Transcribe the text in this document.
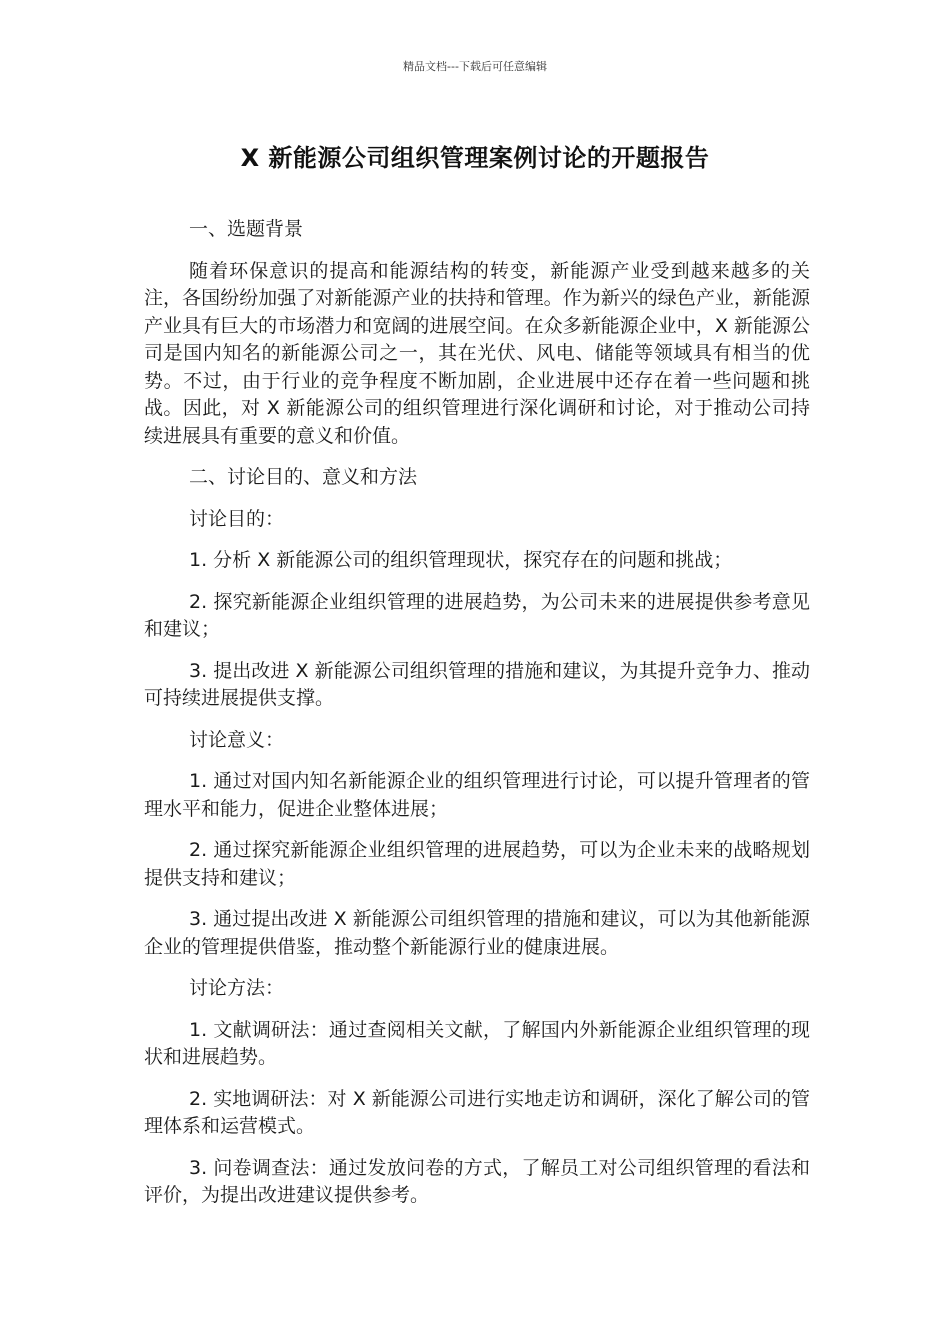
精品文档---下载后可任意编辑
X 新能源公司组织管理案例讨论的开题报告

一、选题背景

随着环保意识的提高和能源结构的转变，新能源产业受到越来越多的关注，各国纷纷加强了对新能源产业的扶持和管理。作为新兴的绿色产业，新能源产业具有巨大的市场潜力和宽阔的进展空间。在众多新能源企业中，X 新能源公司是国内知名的新能源公司之一，其在光伏、风电、储能等领域具有相当的优势。不过，由于行业的竞争程度不断加剧，企业进展中还存在着一些问题和挑战。因此，对 X 新能源公司的组织管理进行深化调研和讨论，对于推动公司持续进展具有重要的意义和价值。

二、讨论目的、意义和方法

讨论目的：

1. 分析 X 新能源公司的组织管理现状，探究存在的问题和挑战；

2. 探究新能源企业组织管理的进展趋势，为公司未来的进展提供参考意见和建议；

3. 提出改进 X 新能源公司组织管理的措施和建议，为其提升竞争力、推动可持续进展提供支撑。

讨论意义：

1. 通过对国内知名新能源企业的组织管理进行讨论，可以提升管理者的管理水平和能力，促进企业整体进展；

2. 通过探究新能源企业组织管理的进展趋势，可以为企业未来的战略规划提供支持和建议；

3. 通过提出改进 X 新能源公司组织管理的措施和建议，可以为其他新能源企业的管理提供借鉴，推动整个新能源行业的健康进展。

讨论方法：

1. 文献调研法：通过查阅相关文献，了解国内外新能源企业组织管理的现状和进展趋势。

2. 实地调研法：对 X 新能源公司进行实地走访和调研，深化了解公司的管理体系和运营模式。

3. 问卷调查法：通过发放问卷的方式，了解员工对公司组织管理的看法和评价，为提出改进建议提供参考。
